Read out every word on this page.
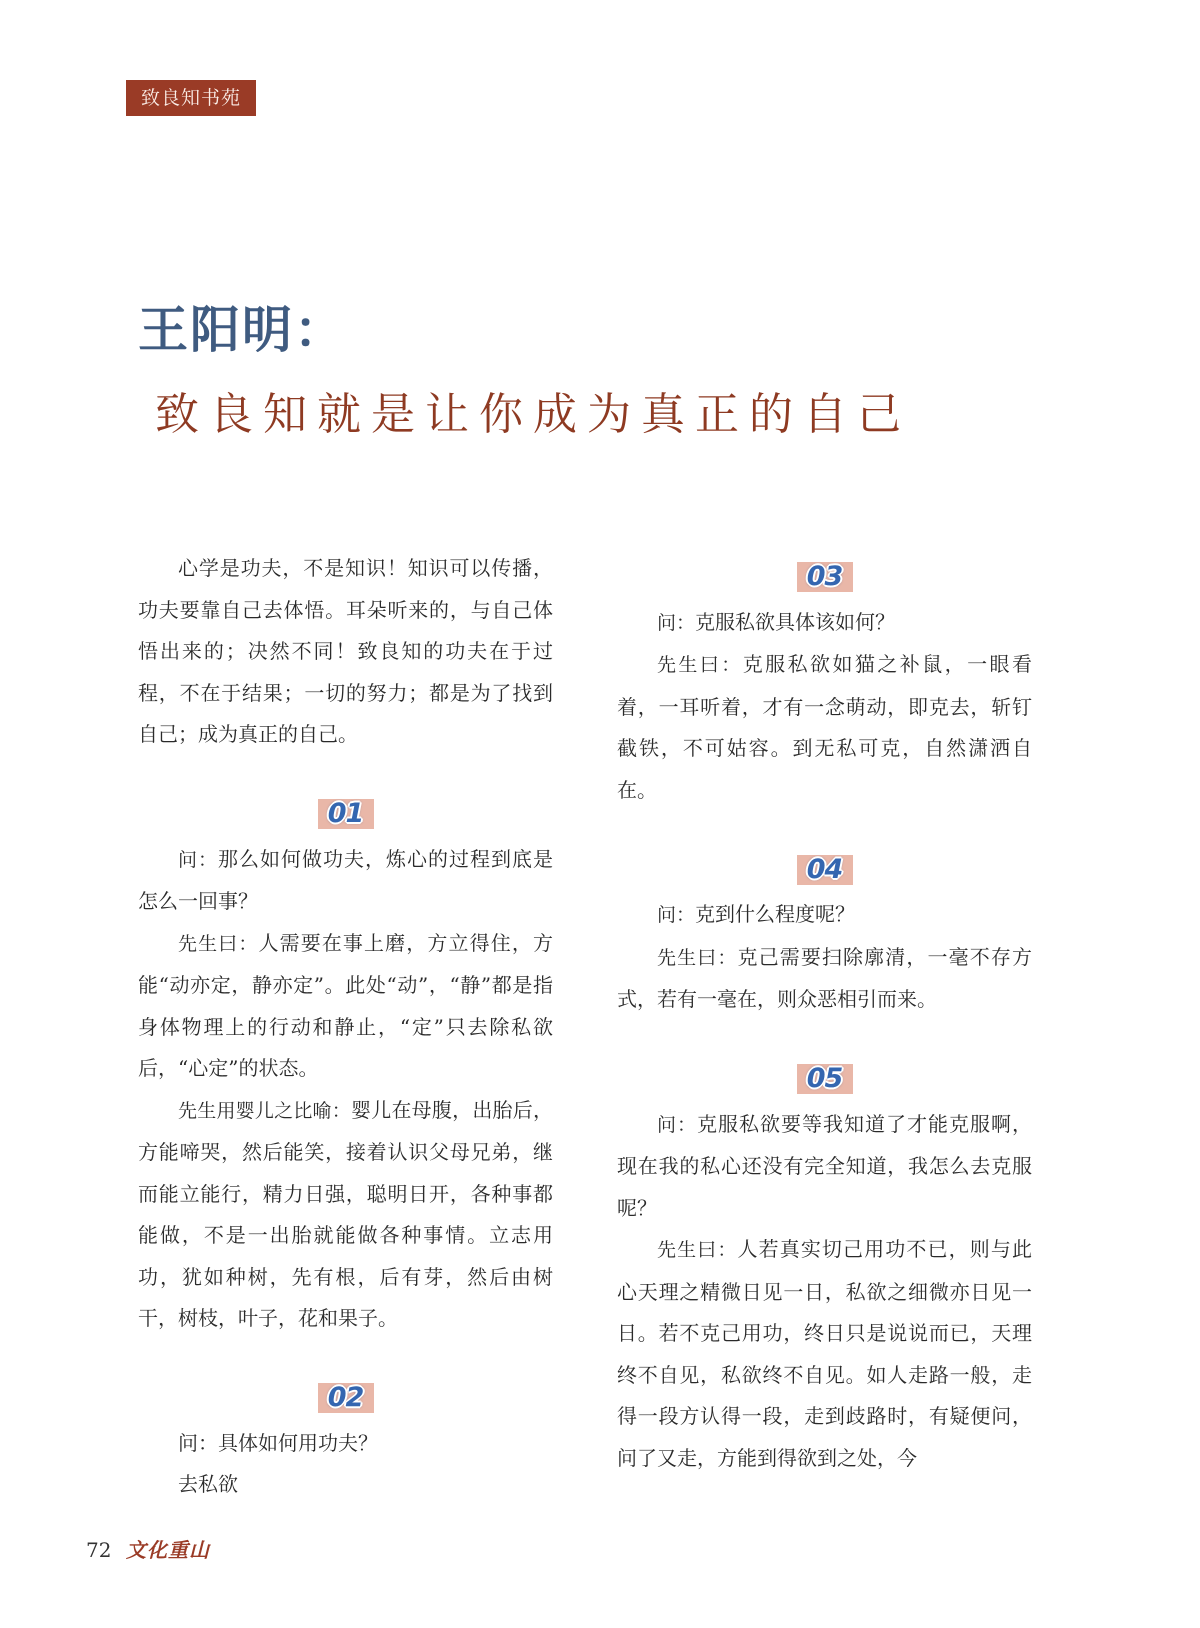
致良知书苑
王阳明：
致良知就是让你成为真正的自己

心学是功夫，不是知识！知识可以传播，功夫要靠自己去体悟。耳朵听来的，与自己体悟出来的；决然不同！致良知的功夫在于过程，不在于结果；一切的努力；都是为了找到自己；成为真正的自己。

01

问：那么如何做功夫，炼心的过程到底是怎么一回事？

先生曰：人需要在事上磨，方立得住，方能“动亦定，静亦定”。此处“动”，“静”都是指身体物理上的行动和静止，“定”只去除私欲后，“心定”的状态。

先生用婴儿之比喻：婴儿在母腹，出胎后，方能啼哭，然后能笑，接着认识父母兄弟，继而能立能行，精力日强，聪明日开，各种事都能做，不是一出胎就能做各种事情。立志用功，犹如种树，先有根，后有芽，然后由树干，树枝，叶子，花和果子。

02

问：具体如何用功夫？

去私欲

03

问：克服私欲具体该如何？

先生曰：克服私欲如猫之补鼠，一眼看着，一耳听着，才有一念萌动，即克去，斩钉截铁，不可姑容。到无私可克，自然潇洒自在。

04

问：克到什么程度呢？

先生曰：克己需要扫除廓清，一毫不存方式，若有一毫在，则众恶相引而来。

05

问：克服私欲要等我知道了才能克服啊，现在我的私心还没有完全知道，我怎么去克服呢？

先生曰：人若真实切己用功不已，则与此心天理之精微日见一日，私欲之细微亦日见一日。若不克己用功，终日只是说说而已，天理终不自见，私欲终不自见。如人走路一般，走得一段方认得一段，走到歧路时，有疑便问，问了又走，方能到得欲到之处，今

72 文化重山
